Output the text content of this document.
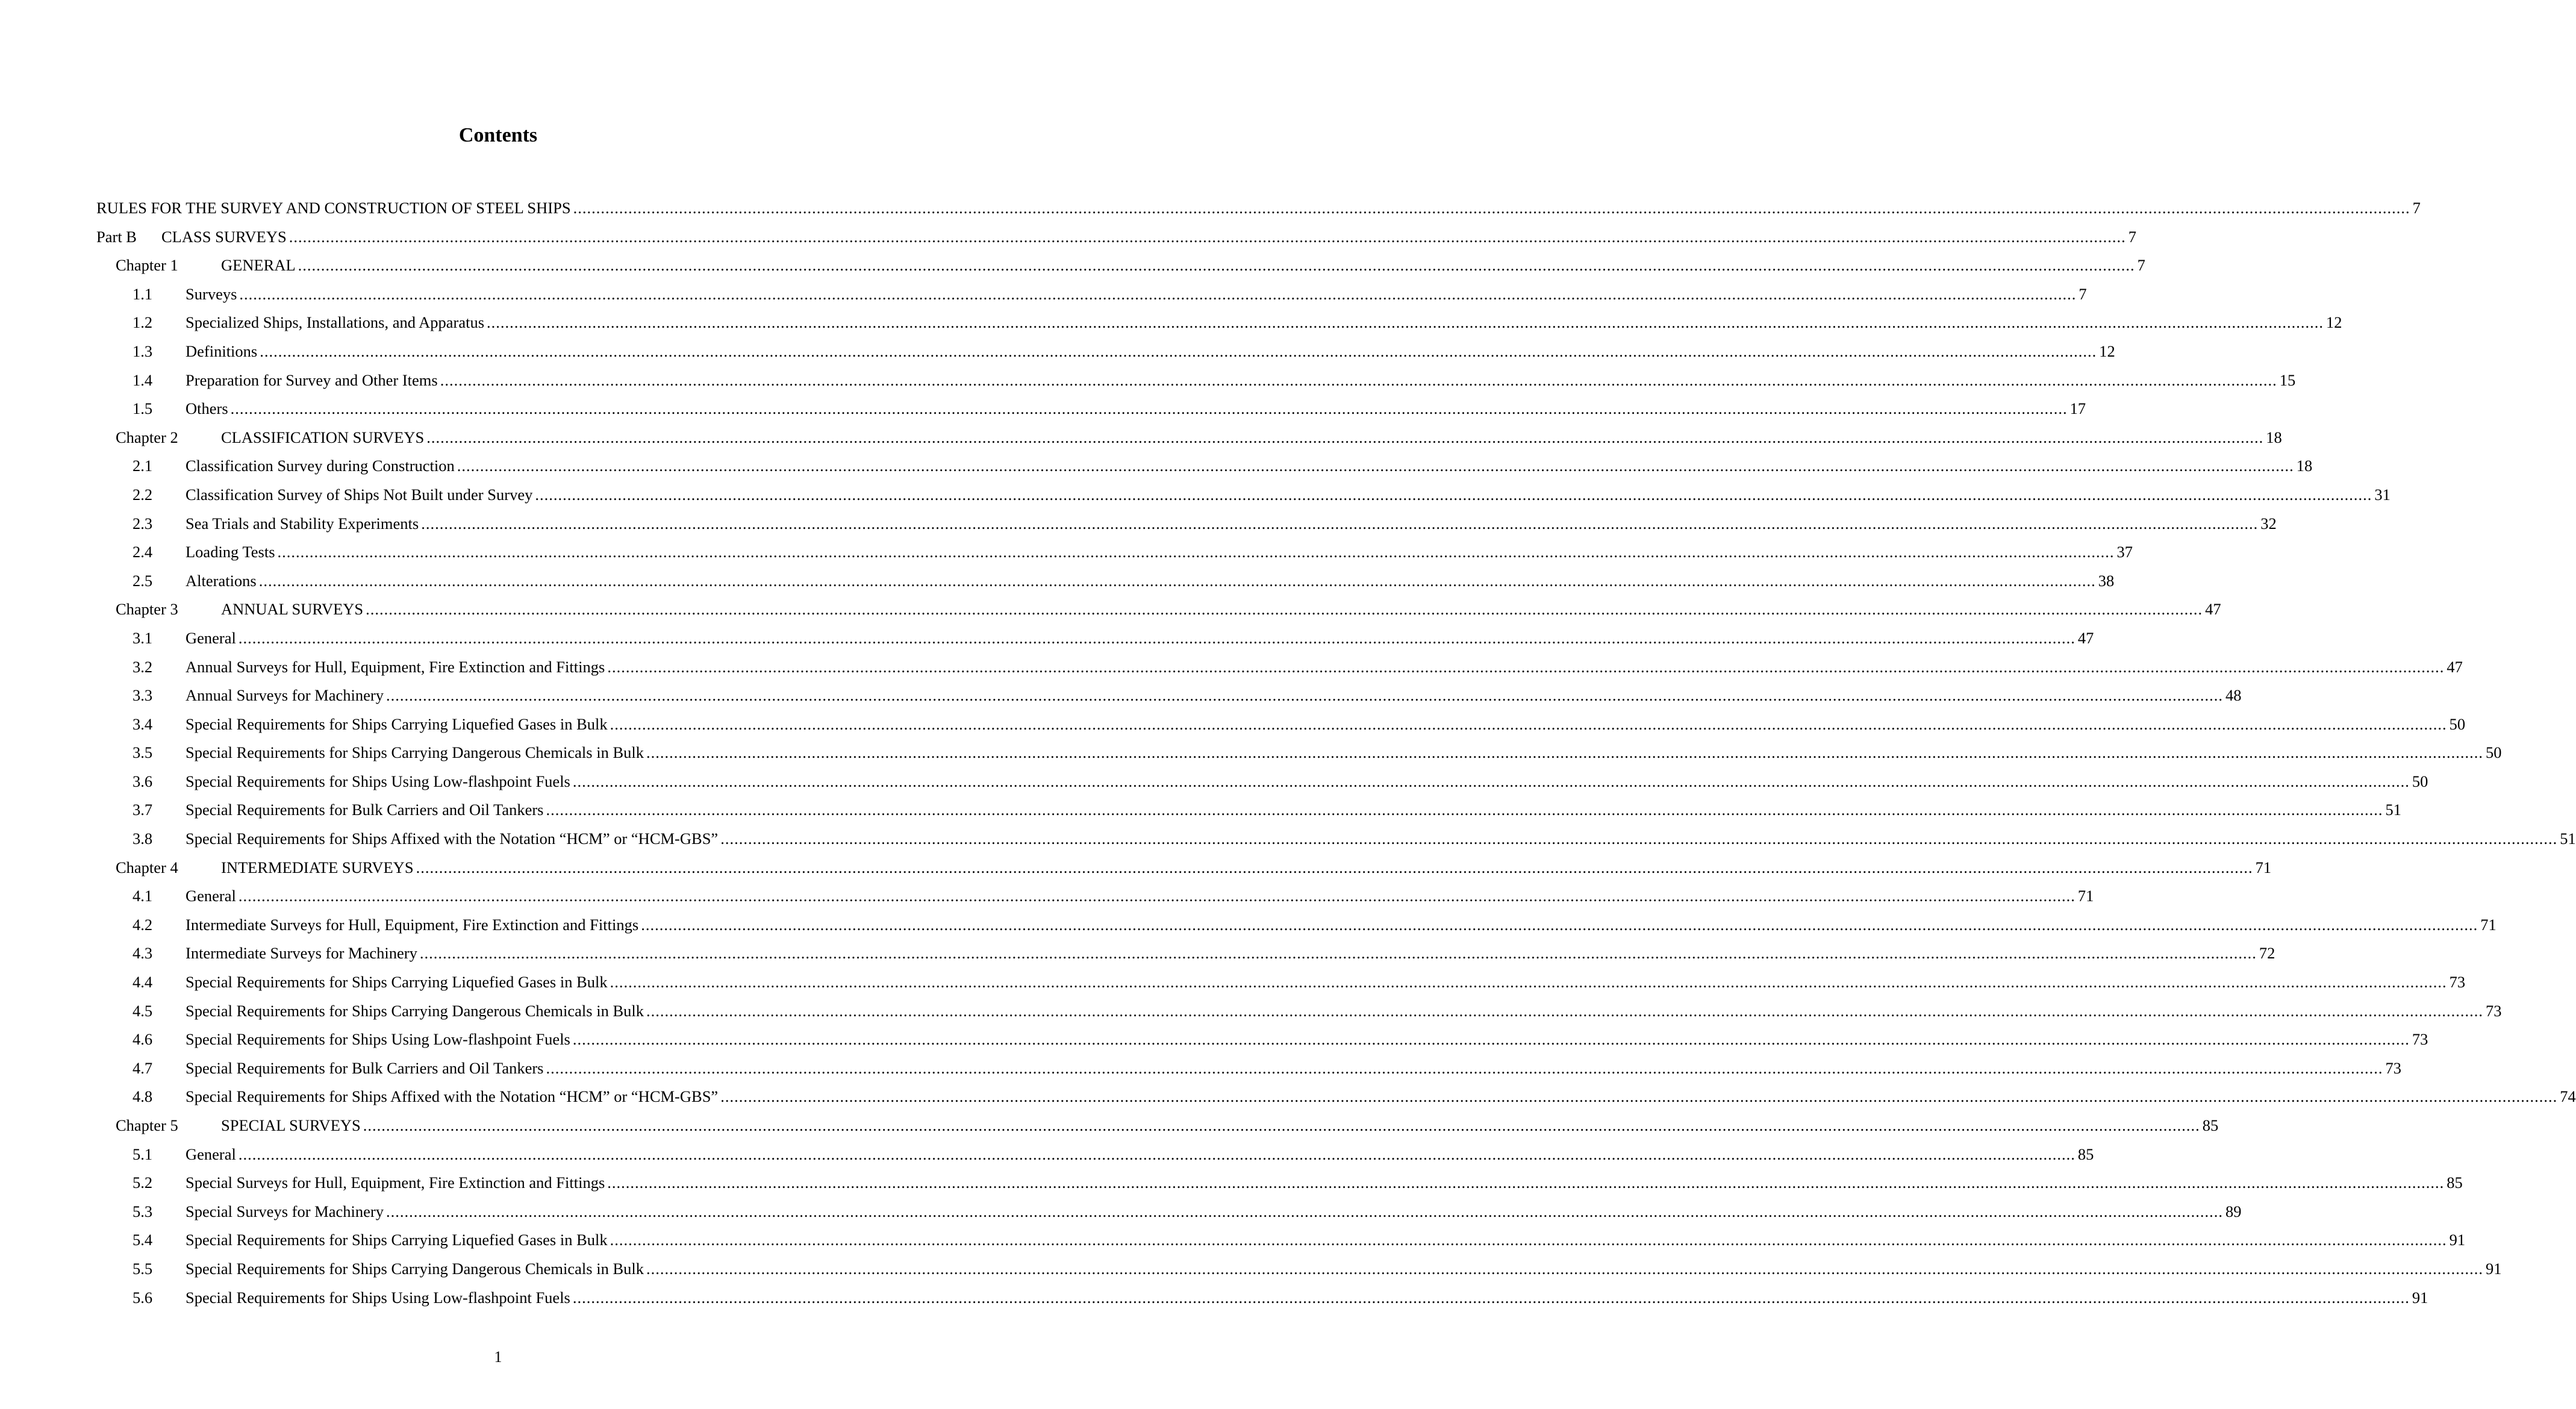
Contents
RULES FOR THE SURVEY AND CONSTRUCTION OF STEEL SHIPS ................................................................................................................................................................................................................................................................................................................................................................................................................ 7
Part B	CLASS SURVEYS ................................................................................................................................................................................................................................................................................................................................................................................................................ 7
Chapter 1	GENERAL ................................................................................................................................................................................................................................................................................................................................................................................................................ 7
1.1	Surveys ................................................................................................................................................................................................................................................................................................................................................................................................................ 7
1.2	Specialized Ships, Installations, and Apparatus ................................................................................................................................................................................................................................................................................................................................................................................................................ 12
1.3	Definitions ................................................................................................................................................................................................................................................................................................................................................................................................................ 12
1.4	Preparation for Survey and Other Items ................................................................................................................................................................................................................................................................................................................................................................................................................ 15
1.5	Others ................................................................................................................................................................................................................................................................................................................................................................................................................ 17
Chapter 2	CLASSIFICATION SURVEYS ................................................................................................................................................................................................................................................................................................................................................................................................................ 18
2.1	Classification Survey during Construction ................................................................................................................................................................................................................................................................................................................................................................................................................ 18
2.2	Classification Survey of Ships Not Built under Survey ................................................................................................................................................................................................................................................................................................................................................................................................................ 31
2.3	Sea Trials and Stability Experiments ................................................................................................................................................................................................................................................................................................................................................................................................................ 32
2.4	Loading Tests ................................................................................................................................................................................................................................................................................................................................................................................................................ 37
2.5	Alterations ................................................................................................................................................................................................................................................................................................................................................................................................................ 38
Chapter 3	ANNUAL SURVEYS ................................................................................................................................................................................................................................................................................................................................................................................................................ 47
3.1	General ................................................................................................................................................................................................................................................................................................................................................................................................................ 47
3.2	Annual Surveys for Hull, Equipment, Fire Extinction and Fittings ................................................................................................................................................................................................................................................................................................................................................................................................................ 47
3.3	Annual Surveys for Machinery ................................................................................................................................................................................................................................................................................................................................................................................................................ 48
3.4	Special Requirements for Ships Carrying Liquefied Gases in Bulk ................................................................................................................................................................................................................................................................................................................................................................................................................ 50
3.5	Special Requirements for Ships Carrying Dangerous Chemicals in Bulk ................................................................................................................................................................................................................................................................................................................................................................................................................ 50
3.6	Special Requirements for Ships Using Low-flashpoint Fuels ................................................................................................................................................................................................................................................................................................................................................................................................................ 50
3.7	Special Requirements for Bulk Carriers and Oil Tankers ................................................................................................................................................................................................................................................................................................................................................................................................................ 51
3.8	Special Requirements for Ships Affixed with the Notation “HCM” or “HCM-GBS” ................................................................................................................................................................................................................................................................................................................................................................................................................ 51
Chapter 4	INTERMEDIATE SURVEYS ................................................................................................................................................................................................................................................................................................................................................................................................................ 71
4.1	General ................................................................................................................................................................................................................................................................................................................................................................................................................ 71
4.2	Intermediate Surveys for Hull, Equipment, Fire Extinction and Fittings ................................................................................................................................................................................................................................................................................................................................................................................................................ 71
4.3	Intermediate Surveys for Machinery ................................................................................................................................................................................................................................................................................................................................................................................................................ 72
4.4	Special Requirements for Ships Carrying Liquefied Gases in Bulk ................................................................................................................................................................................................................................................................................................................................................................................................................ 73
4.5	Special Requirements for Ships Carrying Dangerous Chemicals in Bulk ................................................................................................................................................................................................................................................................................................................................................................................................................ 73
4.6	Special Requirements for Ships Using Low-flashpoint Fuels ................................................................................................................................................................................................................................................................................................................................................................................................................ 73
4.7	Special Requirements for Bulk Carriers and Oil Tankers ................................................................................................................................................................................................................................................................................................................................................................................................................ 73
4.8	Special Requirements for Ships Affixed with the Notation “HCM” or “HCM-GBS” ................................................................................................................................................................................................................................................................................................................................................................................................................ 74
Chapter 5	SPECIAL SURVEYS ................................................................................................................................................................................................................................................................................................................................................................................................................ 85
5.1	General ................................................................................................................................................................................................................................................................................................................................................................................................................ 85
5.2	Special Surveys for Hull, Equipment, Fire Extinction and Fittings ................................................................................................................................................................................................................................................................................................................................................................................................................ 85
5.3	Special Surveys for Machinery ................................................................................................................................................................................................................................................................................................................................................................................................................ 89
5.4	Special Requirements for Ships Carrying Liquefied Gases in Bulk ................................................................................................................................................................................................................................................................................................................................................................................................................ 91
5.5	Special Requirements for Ships Carrying Dangerous Chemicals in Bulk ................................................................................................................................................................................................................................................................................................................................................................................................................ 91
5.6	Special Requirements for Ships Using Low-flashpoint Fuels ................................................................................................................................................................................................................................................................................................................................................................................................................ 91
1
